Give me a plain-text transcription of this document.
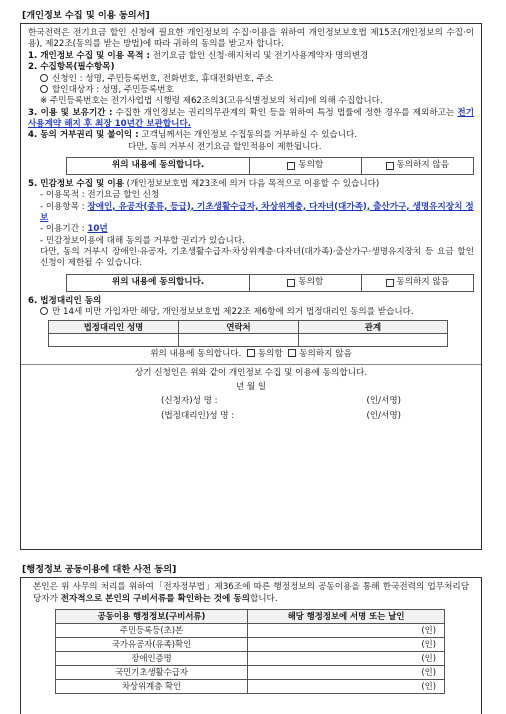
[개인정보 수집 및 이용 동의서]
한국전력은 전기요금 할인 신청에 필요한 개인정보의 수집·이용을 위하여 개인정보보호법 제15조(개인정보의 수집·이용), 제22조(동의를 받는 방법)에 따라 귀하의 동의를 받고자 합니다.
1. 개인정보 수집 및 이용 목적 : 전기요금 할인 신청·해지처리 및 전기사용계약자 명의변경
2. 수집항목(필수항목)
신청인 : 성명, 주민등록번호, 전화번호, 휴대전화번호, 주소
할인대상자 : 성명, 주민등록번호
※ 주민등록번호는 전기사업법 시행령 제62조의3(고유식별정보의 처리)에 의해 수집합니다.
3. 이용 및 보유기간 : 수집한 개인정보는 권리의무관계의 확인 등을 위하여 특정 법률에 정한 경우를 제외하고는 전기사용계약 해지 후 최장 10년간 보관합니다.
4. 동의 거부권리 및 불이익 : 고객님께서는 개인정보 수집동의를 거부하실 수 있습니다.
다만, 동의 거부시 전기요금 할인적용이 제한됩니다.
위의 내용에 동의합니다.	동의함	동의하지 않음
5. 민감정보 수집 및 이용 (개인정보보호법 제23조에 의거 다음 목적으로 이용할 수 있습니다)
- 이용목적 : 전기요금 할인 신청
- 이용항목 : 장애인, 유공자(종류, 등급), 기초생활수급자, 차상위계층, 다자녀(대가족), 출산가구, 생명유지장치 정보
- 이용기간 : 10년
- 민감정보이용에 대해 동의를 거부할 권리가 있습니다.
다만, 동의 거부시 장애인·유공자, 기초생활수급자·차상위계층·다자녀(대가족)·출산가구·생명유지장치 등 요금 할인 신청이 제한될 수 있습니다.
위의 내용에 동의합니다.	동의함	동의하지 않음
6. 법정대리인 동의
만 14세 미만 가입자만 해당, 개인정보보호법 제22조 제6항에 의거 법정대리인 동의를 받습니다.
법정대리인 성명	연락처	관계

위의 내용에 동의합니다. 동의함 동의하지 않음
상기 신청인은 위와 같이 개인정보 수집 및 이용에 동의합니다.
년 월 일
(신청자)성 명 :	(인/서명)
(법정대리인)성 명 :	(인/서명)
[행정정보 공동이용에 대한 사전 동의]
본인은 위 사무의 처리를 위하여「전자정부법」제36조에 따른 행정정보의 공동이용을 통해 한국전력의 업무처리담당자가 전자적으로 본인의 구비서류를 확인하는 것에 동의합니다.
공동이용 행정정보(구비서류)	해당 행정정보에 서명 또는 날인
주민등록등(초)본	(인)
국가유공자(유족)확인	(인)
장애인증명	(인)
국민기초생활수급자	(인)
차상위계층 확인	(인)
